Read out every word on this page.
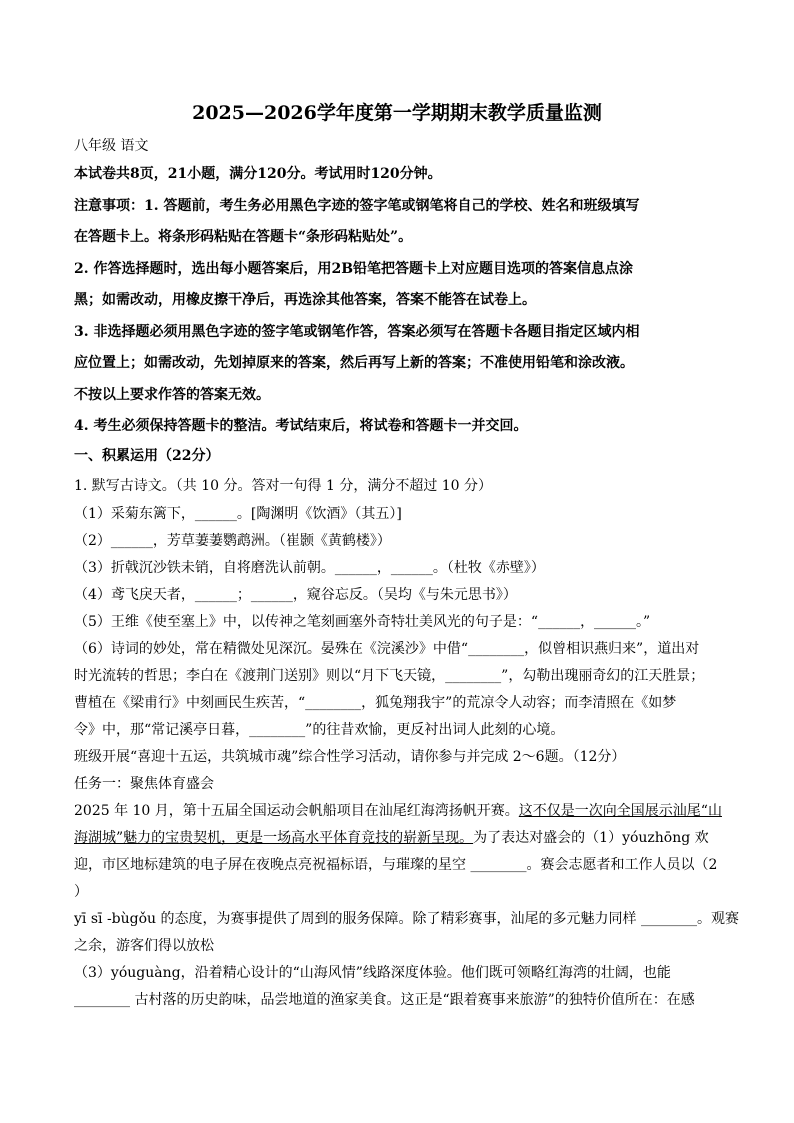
2025—2026学年度第一学期期末教学质量监测
八年级 语文
本试卷共8页，21小题，满分120分。考试用时120分钟。
注意事项：1. 答题前，考生务必用黑色字迹的签字笔或钢笔将自己的学校、姓名和班级填写
在答题卡上。将条形码粘贴在答题卡“条形码粘贴处”。
2. 作答选择题时，选出每小题答案后，用2B铅笔把答题卡上对应题目选项的答案信息点涂
黑；如需改动，用橡皮擦干净后，再选涂其他答案，答案不能答在试卷上。
3. 非选择题必须用黑色字迹的签字笔或钢笔作答，答案必须写在答题卡各题目指定区域内相
应位置上；如需改动，先划掉原来的答案，然后再写上新的答案；不准使用铅笔和涂改液。
不按以上要求作答的答案无效。
4. 考生必须保持答题卡的整洁。考试结束后，将试卷和答题卡一并交回。
一、积累运用（22分）
1. 默写古诗文。（共 10 分。答对一句得 1 分，满分不超过 10 分）
（1）采菊东篱下，______。[陶渊明《饮酒》（其五）]
（2）______，芳草萋萋鹦鹉洲。（崔颢《黄鹤楼》）
（3）折戟沉沙铁未销，自将磨洗认前朝。______，______。（杜牧《赤壁》）
（4）鸢飞戾天者，______；______，窥谷忘反。（吴均《与朱元思书》）
（5）王维《使至塞上》中，以传神之笔刻画塞外奇特壮美风光的句子是：“______，______。”
（6）诗词的妙处，常在精微处见深沉。晏殊在《浣溪沙》中借“________，似曾相识燕归来”，道出对
时光流转的哲思；李白在《渡荆门送别》则以“月下飞天镜，________”，勾勒出瑰丽奇幻的江天胜景；
曹植在《梁甫行》中刻画民生疾苦，“________，狐兔翔我宇”的荒凉令人动容；而李清照在《如梦
令》中，那“常记溪亭日暮，________”的往昔欢愉，更反衬出词人此刻的心境。
班级开展“喜迎十五运，共筑城市魂”综合性学习活动，请你参与并完成 2～6题。（12分）
任务一：聚焦体育盛会
2025 年 10 月，第十五届全国运动会帆船项目在汕尾红海湾扬帆开赛。这不仅是一次向全国展示汕尾“山
海湖城”魅力的宝贵契机，更是一场高水平体育竞技的崭新呈现。为了表达对盛会的（1）yóuzhōng 欢
迎，市区地标建筑的电子屏在夜晚点亮祝福标语，与璀璨的星空 ________。赛会志愿者和工作人员以（2
）
yī sī -bùgǒu 的态度，为赛事提供了周到的服务保障。除了精彩赛事，汕尾的多元魅力同样 ________。观赛
之余，游客们得以放松
（3）yóuguàng，沿着精心设计的“山海风情”线路深度体验。他们既可领略红海湾的壮阔，也能
________ 古村落的历史韵味，品尝地道的渔家美食。这正是“跟着赛事来旅游”的独特价值所在：在感
